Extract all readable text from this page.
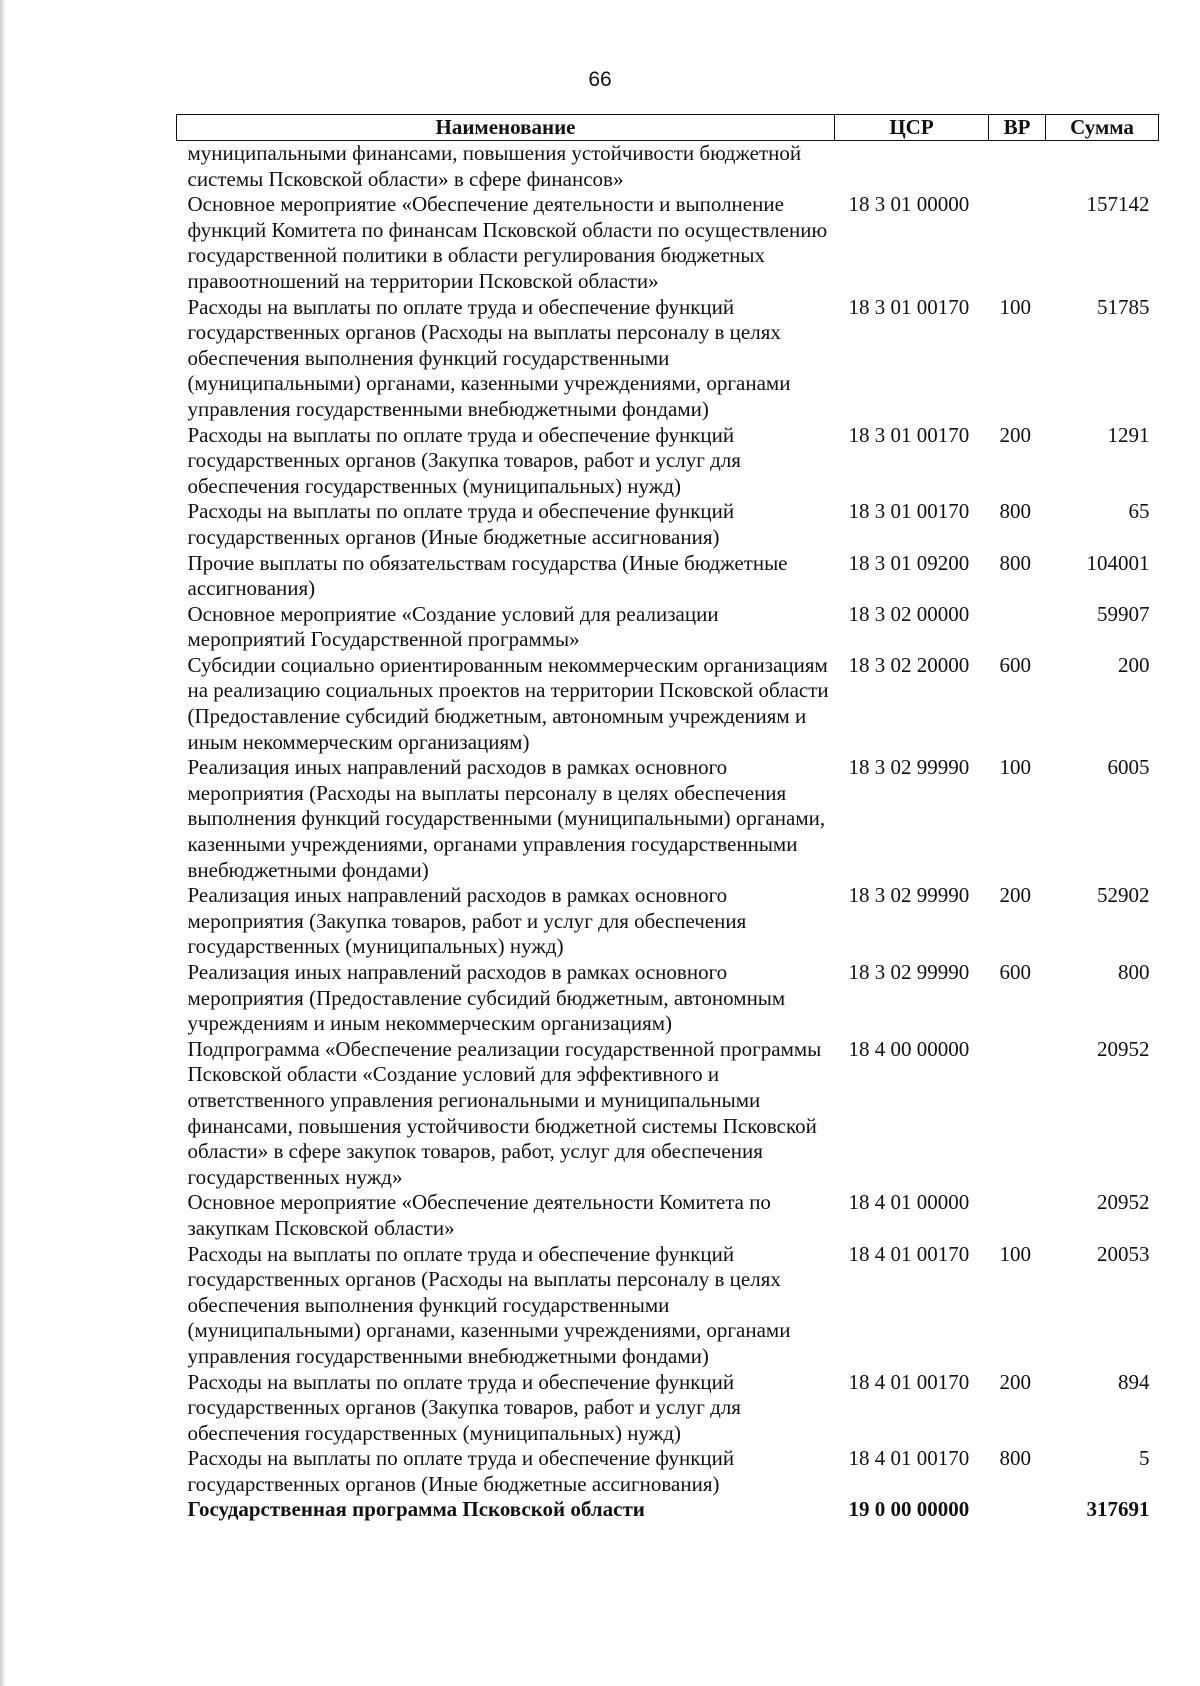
66
Наименование	ЦСР	ВР	Сумма
муниципальными финансами, повышения устойчивости бюджетной системы Псковской области» в сфере финансов»			
Основное мероприятие «Обеспечение деятельности и выполнение функций Комитета по финансам Псковской области по осуществлению государственной политики в области регулирования бюджетных правоотношений на территории Псковской области»	18 3 01 00000		157142
Расходы на выплаты по оплате труда и обеспечение функций государственных органов (Расходы на выплаты персоналу в целях обеспечения выполнения функций государственными (муниципальными) органами, казенными учреждениями, органами управления государственными внебюджетными фондами)	18 3 01 00170	100	51785
Расходы на выплаты по оплате труда и обеспечение функций государственных органов (Закупка товаров, работ и услуг для обеспечения государственных (муниципальных) нужд)	18 3 01 00170	200	1291
Расходы на выплаты по оплате труда и обеспечение функций государственных органов (Иные бюджетные ассигнования)	18 3 01 00170	800	65
Прочие выплаты по обязательствам государства (Иные бюджетные ассигнования)	18 3 01 09200	800	104001
Основное мероприятие «Создание условий для реализации мероприятий Государственной программы»	18 3 02 00000		59907
Субсидии социально ориентированным некоммерческим организациям на реализацию социальных проектов на территории Псковской области (Предоставление субсидий бюджетным, автономным учреждениям и иным некоммерческим организациям)	18 3 02 20000	600	200
Реализация иных направлений расходов в рамках основного мероприятия (Расходы на выплаты персоналу в целях обеспечения выполнения функций государственными (муниципальными) органами, казенными учреждениями, органами управления государственными внебюджетными фондами)	18 3 02 99990	100	6005
Реализация иных направлений расходов в рамках основного мероприятия (Закупка товаров, работ и услуг для обеспечения государственных (муниципальных) нужд)	18 3 02 99990	200	52902
Реализация иных направлений расходов в рамках основного мероприятия (Предоставление субсидий бюджетным, автономным учреждениям и иным некоммерческим организациям)	18 3 02 99990	600	800
Подпрограмма «Обеспечение реализации государственной программы Псковской области «Создание условий для эффективного и ответственного управления региональными и муниципальными финансами, повышения устойчивости бюджетной системы Псковской области» в сфере закупок товаров, работ, услуг для обеспечения государственных нужд»	18 4 00 00000		20952
Основное мероприятие «Обеспечение деятельности Комитета по закупкам Псковской области»	18 4 01 00000		20952
Расходы на выплаты по оплате труда и обеспечение функций государственных органов (Расходы на выплаты персоналу в целях обеспечения выполнения функций государственными (муниципальными) органами, казенными учреждениями, органами управления государственными внебюджетными фондами)	18 4 01 00170	100	20053
Расходы на выплаты по оплате труда и обеспечение функций государственных органов (Закупка товаров, работ и услуг для обеспечения государственных (муниципальных) нужд)	18 4 01 00170	200	894
Расходы на выплаты по оплате труда и обеспечение функций государственных органов (Иные бюджетные ассигнования)	18 4 01 00170	800	5
Государственная программа Псковской области	19 0 00 00000		317691
